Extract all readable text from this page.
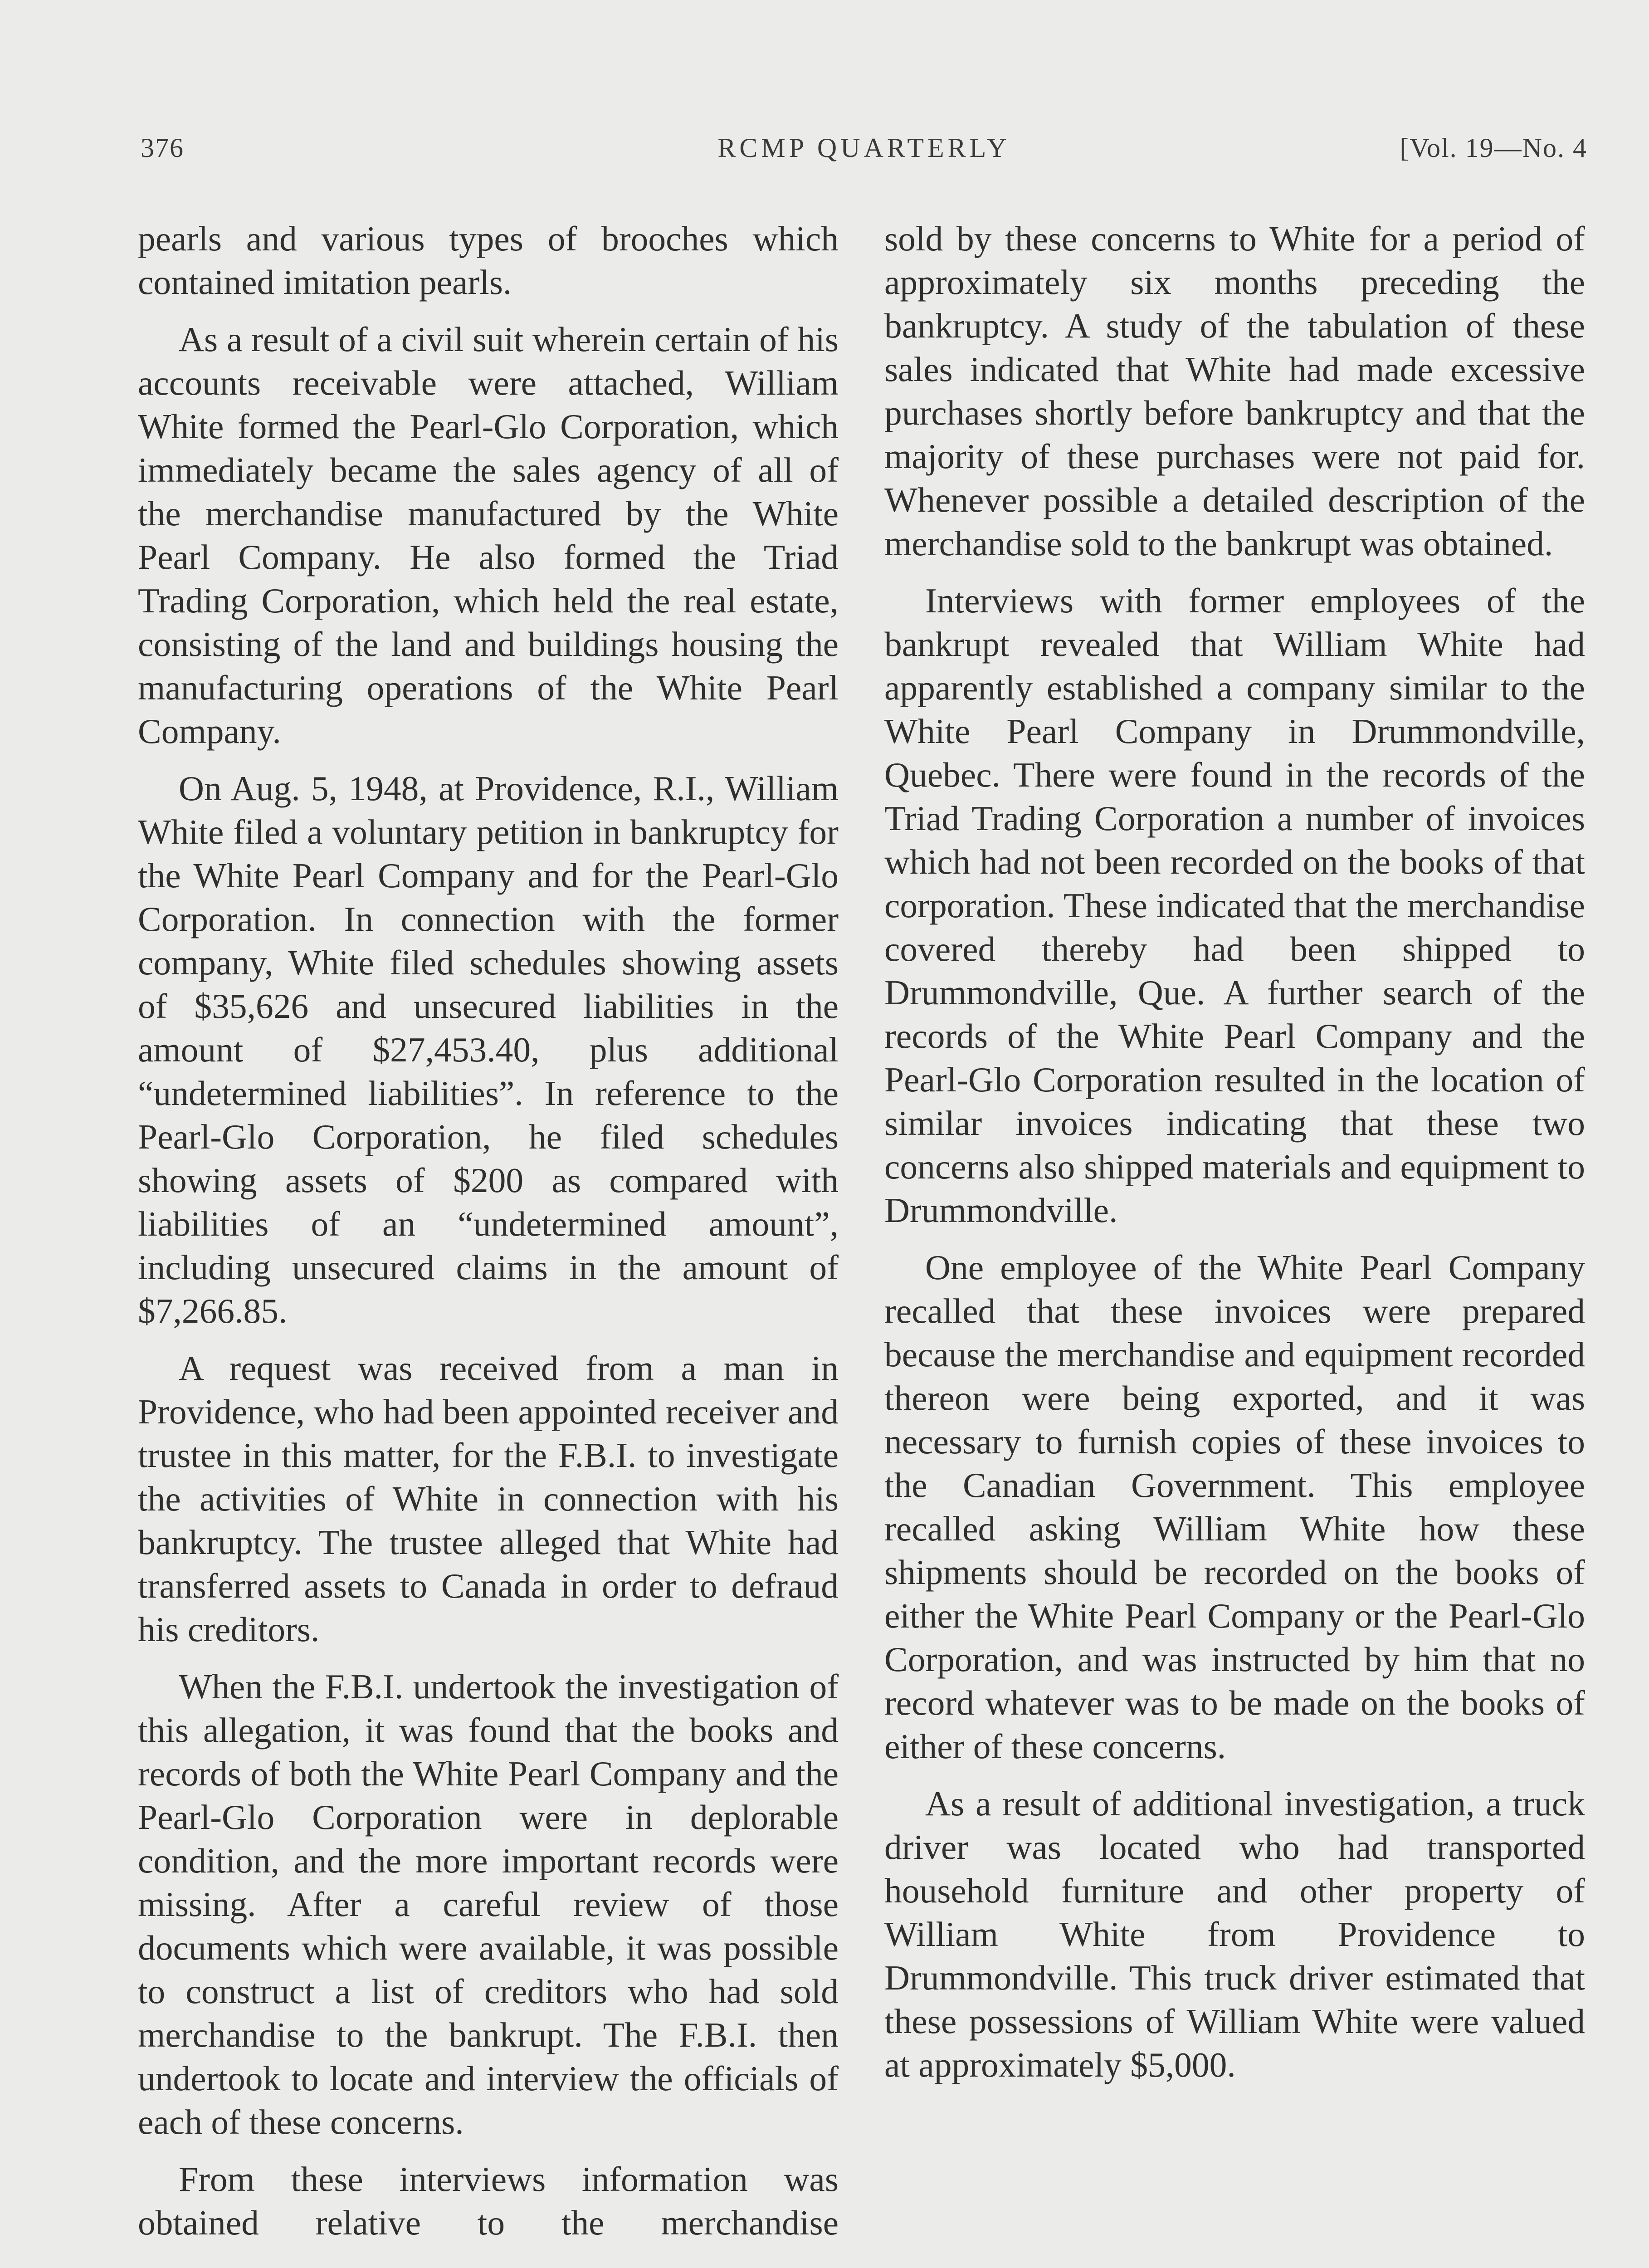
376	RCMP QUARTERLY	[Vol. 19—No. 4

pearls and various types of brooches which contained imitation pearls.

As a result of a civil suit wherein certain of his accounts receivable were attached, William White formed the Pearl-Glo Corporation, which immediately became the sales agency of all of the merchandise manufactured by the White Pearl Company. He also formed the Triad Trading Corporation, which held the real estate, consisting of the land and buildings housing the manufacturing operations of the White Pearl Company.

On Aug. 5, 1948, at Providence, R.I., William White filed a voluntary petition in bankruptcy for the White Pearl Company and for the Pearl-Glo Corporation. In connection with the former company, White filed schedules showing assets of $35,626 and unsecured liabilities in the amount of $27,453.40, plus additional “undetermined liabilities”. In reference to the Pearl-Glo Corporation, he filed schedules showing assets of $200 as compared with liabilities of an “undetermined amount”, including unsecured claims in the amount of $7,266.85.

A request was received from a man in Providence, who had been appointed receiver and trustee in this matter, for the F.B.I. to investigate the activities of White in connection with his bankruptcy. The trustee alleged that White had transferred assets to Canada in order to defraud his creditors.

When the F.B.I. undertook the investigation of this allegation, it was found that the books and records of both the White Pearl Company and the Pearl-Glo Corporation were in deplorable condition, and the more important records were missing. After a careful review of those documents which were available, it was possible to construct a list of creditors who had sold merchandise to the bankrupt. The F.B.I. then undertook to locate and interview the officials of each of these concerns.

From these interviews information was obtained relative to the merchandise

sold by these concerns to White for a period of approximately six months preceding the bankruptcy. A study of the tabulation of these sales indicated that White had made excessive purchases shortly before bankruptcy and that the majority of these purchases were not paid for. Whenever possible a detailed description of the merchandise sold to the bankrupt was obtained.

Interviews with former employees of the bankrupt revealed that William White had apparently established a company similar to the White Pearl Company in Drummondville, Quebec. There were found in the records of the Triad Trading Corporation a number of invoices which had not been recorded on the books of that corporation. These indicated that the merchandise covered thereby had been shipped to Drummondville, Que. A further search of the records of the White Pearl Company and the Pearl-Glo Corporation resulted in the location of similar invoices indicating that these two concerns also shipped materials and equipment to Drummondville.

One employee of the White Pearl Company recalled that these invoices were prepared because the merchandise and equipment recorded thereon were being exported, and it was necessary to furnish copies of these invoices to the Canadian Government. This employee recalled asking William White how these shipments should be recorded on the books of either the White Pearl Company or the Pearl-Glo Corporation, and was instructed by him that no record whatever was to be made on the books of either of these concerns.

As a result of additional investigation, a truck driver was located who had transported household furniture and other property of William White from Providence to Drummondville. This truck driver estimated that these possessions of William White were valued at approximately $5,000.
